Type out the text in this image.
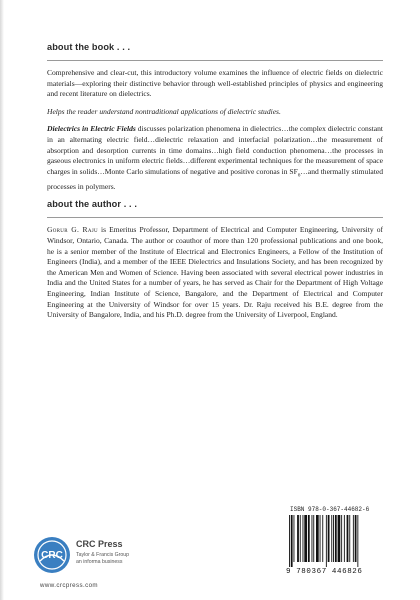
about the book . . .

Comprehensive and clear-cut, this introductory volume examines the influence of electric fields on dielectric materials—exploring their distinctive behavior through well-established principles of physics and engineering and recent literature on dielectrics.

Helps the reader understand nontraditional applications of dielectric studies.

Dielectrics in Electric Fields discusses polarization phenomena in dielectrics…the complex dielectric constant in an alternating electric field…dielectric relaxation and interfacial polarization…the measurement of absorption and desorption currents in time domains…high field conduction phenomena…the processes in gaseous electronics in uniform electric fields…different experimental techniques for the measurement of space charges in solids…Monte Carlo simulations of negative and positive coronas in $SF_6\dots and$ thermally stimulated processes in polymers.

about the author . . .

Gorur G. Raju is Emeritus Professor, Department of Electrical and Computer Engineering, University of Windsor, Ontario, Canada. The author or coauthor of more than 120 professional publications and one book, he is a senior member of the Institute of Electrical and Electronics Engineers, a Fellow of the Institution of Engineers (India), and a member of the IEEE Dielectrics and Insulations Society, and has been recognized by the American Men and Women of Science. Having been associated with several electrical power industries in India and the United States for a number of years, he has served as Chair for the Department of High Voltage Engineering, Indian Institute of Science, Bangalore, and the Department of Electrical and Computer Engineering at the University of Windsor for over 15 years. Dr. Raju received his B.E. degree from the University of Bangalore, India, and his Ph.D. degree from the University of Liverpool, England.

CRC
CRC Press
Taylor & Francis Group
an informa business
www.crcpress.com
ISBN 978-0-367-44682-6
9 780367 446826
